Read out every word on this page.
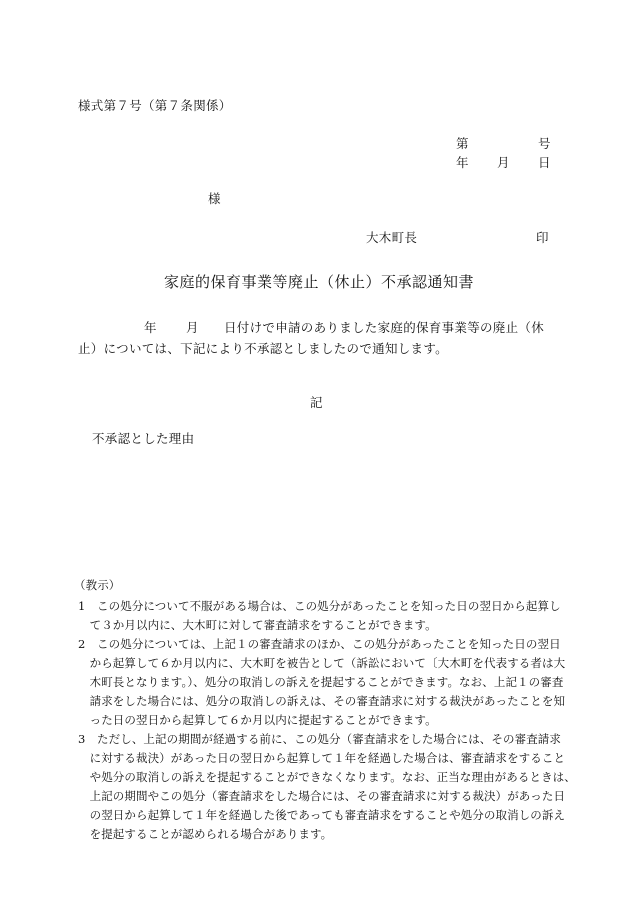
様式第７号（第７条関係）
第	号
年 月 日
様
大木町長	印
家庭的保育事業等廃止（休止）不承認通知書
年 月 日付けで申請のありました家庭的保育事業等の廃止（休
止）については、下記により不承認としましたので通知します。
記
不承認とした理由
（教示）
1　この処分について不服がある場合は、この処分があったことを知った日の翌日から起算し
　て３か月以内に、大木町に対して審査請求をすることができます。
2　この処分については、上記１の審査請求のほか、この処分があったことを知った日の翌日
　から起算して６か月以内に、大木町を被告として（訴訟において〔大木町を代表する者は大
　木町長となります。）、処分の取消しの訴えを提起することができます。なお、上記１の審査
　請求をした場合には、処分の取消しの訴えは、その審査請求に対する裁決があったことを知
　った日の翌日から起算して６か月以内に提起することができます。
3　ただし、上記の期間が経過する前に、この処分（審査請求をした場合には、その審査請求
　に対する裁決）があった日の翌日から起算して１年を経過した場合は、審査請求をすること
　や処分の取消しの訴えを提起することができなくなります。なお、正当な理由があるときは、
　上記の期間やこの処分（審査請求をした場合には、その審査請求に対する裁決）があった日
　の翌日から起算して１年を経過した後であっても審査請求をすることや処分の取消しの訴え
　を提起することが認められる場合があります。
